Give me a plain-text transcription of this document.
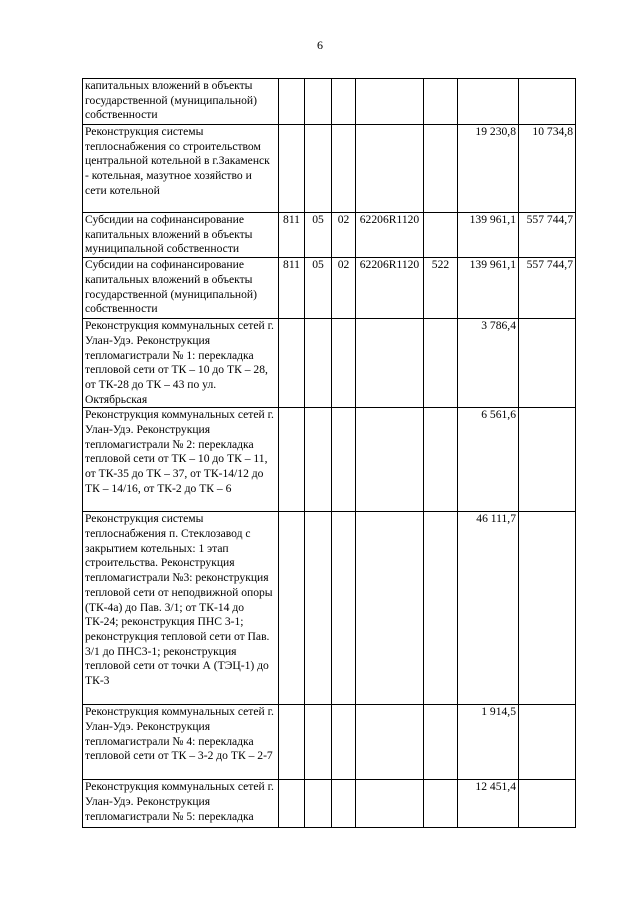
6
капитальных вложений в объекты государственной (муниципальной) собственности							
Реконструкция системы теплоснабжения со строительством центральной котельной в г.Закаменск - котельная, мазутное хозяйство и сети котельной						19 230,8	10 734,8
Субсидии на софинансирование капитальных вложений в объекты муниципальной собственности	811	05	02	62206R1120		139 961,1	557 744,7
Субсидии на софинансирование капитальных вложений в объекты государственной (муниципальной) собственности	811	05	02	62206R1120	522	139 961,1	557 744,7
Реконструкция коммунальных сетей г. Улан-Удэ. Реконструкция тепломагистрали № 1: перекладка тепловой сети от ТК – 10 до ТК – 28, от ТК-28 до ТК – 43 по ул. Октябрьская						3 786,4	
Реконструкция коммунальных сетей г. Улан-Удэ. Реконструкция тепломагистрали № 2: перекладка тепловой сети от ТК – 10 до ТК – 11, от ТК-35 до ТК – 37, от ТК-14/12 до ТК – 14/16, от ТК-2 до ТК – 6						6 561,6	
Реконструкция системы теплоснабжения п. Стеклозавод с закрытием котельных: 1 этап строительства. Реконструкция тепломагистрали №3: реконструкция тепловой сети от неподвижной опоры (ТК-4а) до Пав. 3/1; от ТК-14 до ТК-24; реконструкция ПНС 3-1; реконструкция тепловой сети от Пав. 3/1 до ПНС3-1; реконструкция тепловой сети от точки А (ТЭЦ-1) до ТК-3						46 111,7	
Реконструкция коммунальных сетей г. Улан-Удэ. Реконструкция тепломагистрали № 4: перекладка тепловой сети от ТК – 3-2 до ТК – 2-7						1 914,5	
Реконструкция коммунальных сетей г. Улан-Удэ. Реконструкция тепломагистрали № 5: перекладка						12 451,4	
